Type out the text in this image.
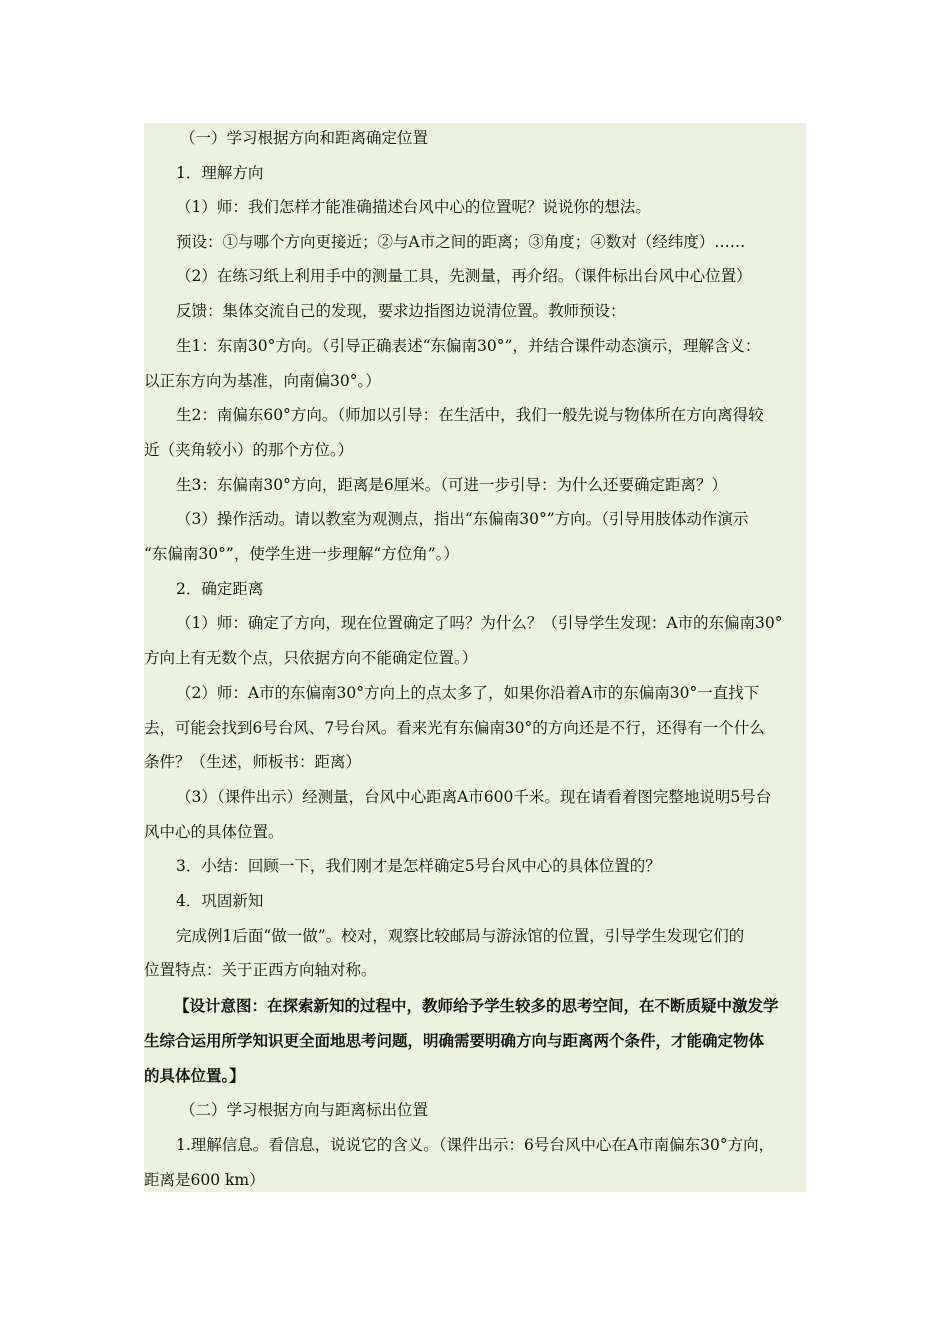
（一）学习根据方向和距离确定位置
1．理解方向
（1）师：我们怎样才能准确描述台风中心的位置呢？说说你的想法。
预设：①与哪个方向更接近；②与A市之间的距离；③角度；④数对（经纬度）……
（2）在练习纸上利用手中的测量工具，先测量，再介绍。（课件标出台风中心位置）
反馈：集体交流自己的发现，要求边指图边说清位置。教师预设：
生1：东南30°方向。（引导正确表述“东偏南30°”，并结合课件动态演示，理解含义：
以正东方向为基准，向南偏30°。）
生2：南偏东60°方向。（师加以引导：在生活中，我们一般先说与物体所在方向离得较
近（夹角较小）的那个方位。）
生3：东偏南30°方向，距离是6厘米。（可进一步引导：为什么还要确定距离？）
（3）操作活动。请以教室为观测点，指出“东偏南30°”方向。（引导用肢体动作演示
“东偏南30°”，使学生进一步理解“方位角”。）
2．确定距离
（1）师：确定了方向，现在位置确定了吗？为什么？（引导学生发现：A市的东偏南30°
方向上有无数个点，只依据方向不能确定位置。）
（2）师：A市的东偏南30°方向上的点太多了，如果你沿着A市的东偏南30°一直找下
去，可能会找到6号台风、7号台风。看来光有东偏南30°的方向还是不行，还得有一个什么
条件？（生述，师板书：距离）
（3）（课件出示）经测量，台风中心距离A市600千米。现在请看着图完整地说明5号台
风中心的具体位置。
3．小结：回顾一下，我们刚才是怎样确定5号台风中心的具体位置的？
4．巩固新知
完成例1后面“做一做”。校对，观察比较邮局与游泳馆的位置，引导学生发现它们的
位置特点：关于正西方向轴对称。
【设计意图：在探索新知的过程中，教师给予学生较多的思考空间，在不断质疑中激发学
生综合运用所学知识更全面地思考问题，明确需要明确方向与距离两个条件，才能确定物体
的具体位置。】
（二）学习根据方向与距离标出位置
1.理解信息。看信息，说说它的含义。（课件出示：6号台风中心在A市南偏东30°方向，
距离是600 km）
